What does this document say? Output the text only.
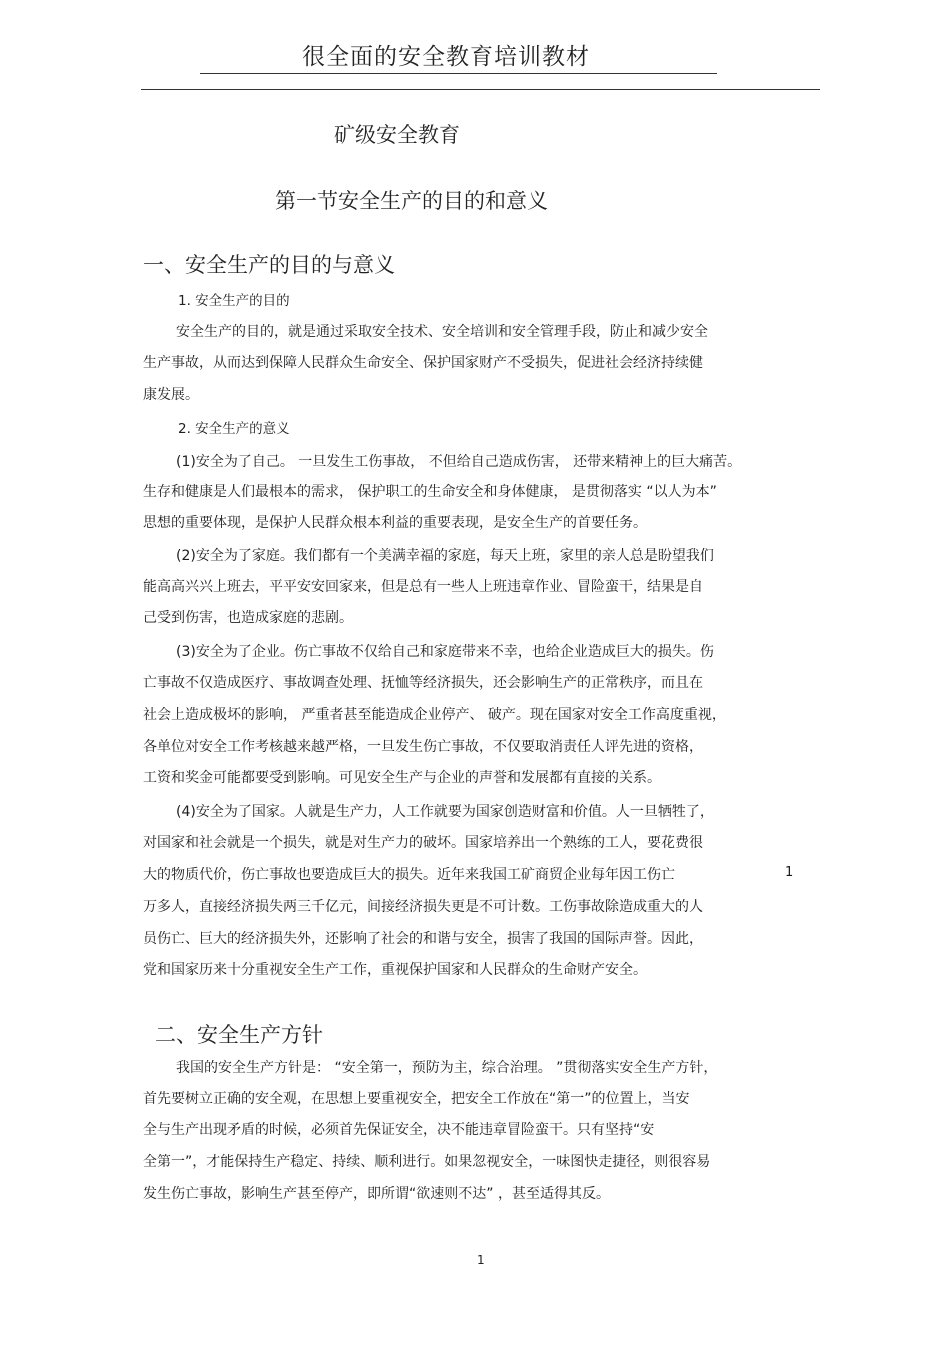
很全面的安全教育培训教材
矿级安全教育
第一节安全生产的目的和意义
一、安全生产的目的与意义
1. 安全生产的目的
安全生产的目的，就是通过采取安全技术、安全培训和安全管理手段，防止和减少安全
生产事故，从而达到保障人民群众生命安全、保护国家财产不受损失，促进社会经济持续健
康发展。
2. 安全生产的意义
(1)安全为了自己。 一旦发生工伤事故， 不但给自己造成伤害， 还带来精神上的巨大痛苦。
生存和健康是人们最根本的需求， 保护职工的生命安全和身体健康， 是贯彻落实 “以人为本”
思想的重要体现，是保护人民群众根本利益的重要表现，是安全生产的首要任务。
(2)安全为了家庭。我们都有一个美满幸福的家庭，每天上班，家里的亲人总是盼望我们
能高高兴兴上班去，平平安安回家来，但是总有一些人上班违章作业、冒险蛮干，结果是自
己受到伤害，也造成家庭的悲剧。
(3)安全为了企业。伤亡事故不仅给自己和家庭带来不幸，也给企业造成巨大的损失。伤
亡事故不仅造成医疗、事故调查处理、抚恤等经济损失，还会影响生产的正常秩序，而且在
社会上造成极坏的影响， 严重者甚至能造成企业停产、 破产。现在国家对安全工作高度重视，
各单位对安全工作考核越来越严格，一旦发生伤亡事故，不仅要取消责任人评先进的资格，
工资和奖金可能都要受到影响。可见安全生产与企业的声誉和发展都有直接的关系。
(4)安全为了国家。人就是生产力，人工作就要为国家创造财富和价值。人一旦牺牲了，
对国家和社会就是一个损失，就是对生产力的破坏。国家培养出一个熟练的工人，要花费很
大的物质代价，伤亡事故也要造成巨大的损失。近年来我国工矿商贸企业每年因工伤亡	1
万多人，直接经济损失两三千亿元，间接经济损失更是不可计数。工伤事故除造成重大的人
员伤亡、巨大的经济损失外，还影响了社会的和谐与安全，损害了我国的国际声誉。因此，
党和国家历来十分重视安全生产工作，重视保护国家和人民群众的生命财产安全。
二、安全生产方针
我国的安全生产方针是： “安全第一，预防为主，综合治理。 ”贯彻落实安全生产方针，
首先要树立正确的安全观，在思想上要重视安全，把安全工作放在“第一”的位置上，当安
全与生产出现矛盾的时候，必须首先保证安全，决不能违章冒险蛮干。只有坚持“安
全第一”，才能保持生产稳定、持续、顺利进行。如果忽视安全，一味图快走捷径，则很容易
发生伤亡事故，影响生产甚至停产，即所谓“欲速则不达” ，甚至适得其反。
1
